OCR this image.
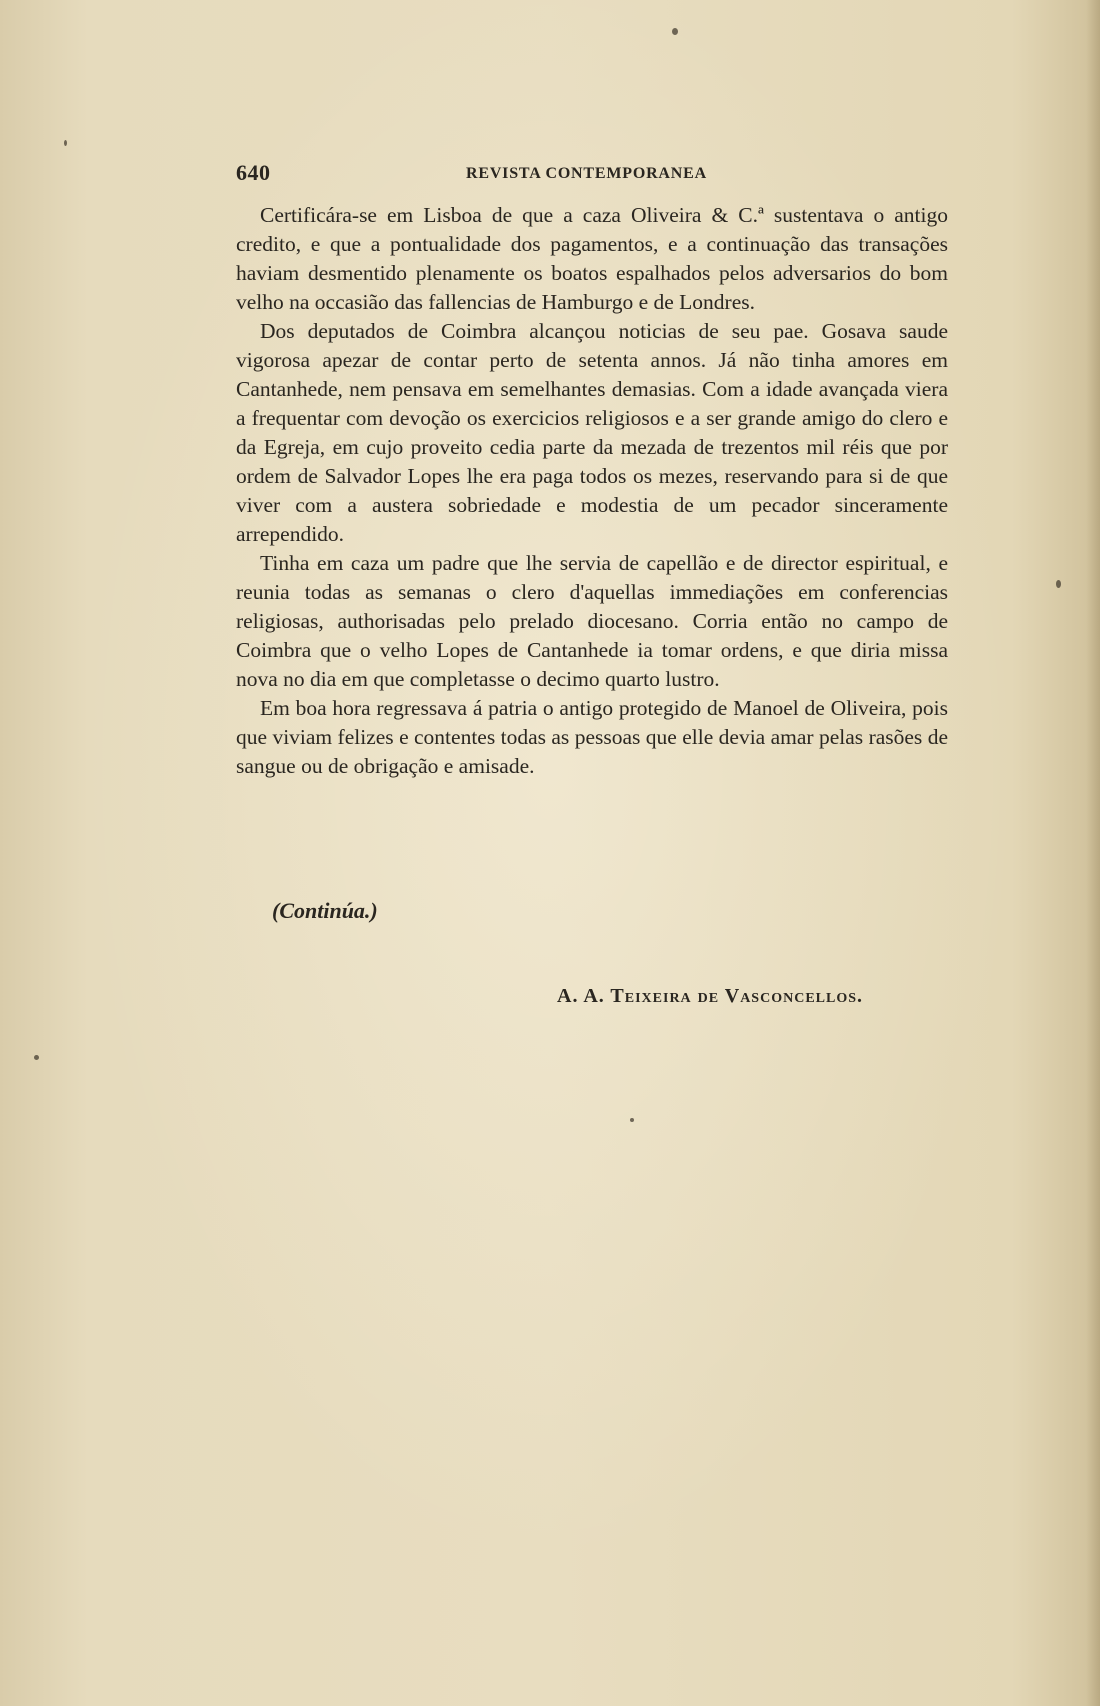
640	REVISTA CONTEMPORANEA

Certificára-se em Lisboa de que a caza Oliveira & C.ª sustentava o antigo credito, e que a pontualidade dos pagamentos, e a continuação das transações haviam desmentido plenamente os boatos espalhados pelos adversarios do bom velho na occasião das fallencias de Hamburgo e de Londres.

Dos deputados de Coimbra alcançou noticias de seu pae. Gosava saude vigorosa apezar de contar perto de setenta annos. Já não tinha amores em Cantanhede, nem pensava em semelhantes demasias. Com a idade avançada viera a frequentar com devoção os exercicios religiosos e a ser grande amigo do clero e da Egreja, em cujo proveito cedia parte da mezada de trezentos mil réis que por ordem de Salvador Lopes lhe era paga todos os mezes, reservando para si de que viver com a austera sobriedade e modestia de um pecador sinceramente arrependido.

Tinha em caza um padre que lhe servia de capellão e de director espiritual, e reunia todas as semanas o clero d'aquellas immediações em conferencias religiosas, authorisadas pelo prelado diocesano. Corria então no campo de Coimbra que o velho Lopes de Cantanhede ia tomar ordens, e que diria missa nova no dia em que completasse o decimo quarto lustro.

Em boa hora regressava á patria o antigo protegido de Manoel de Oliveira, pois que viviam felizes e contentes todas as pessoas que elle devia amar pelas rasões de sangue ou de obrigação e amisade.

(Continúa.)
A. A. Teixeira de Vasconcellos.
